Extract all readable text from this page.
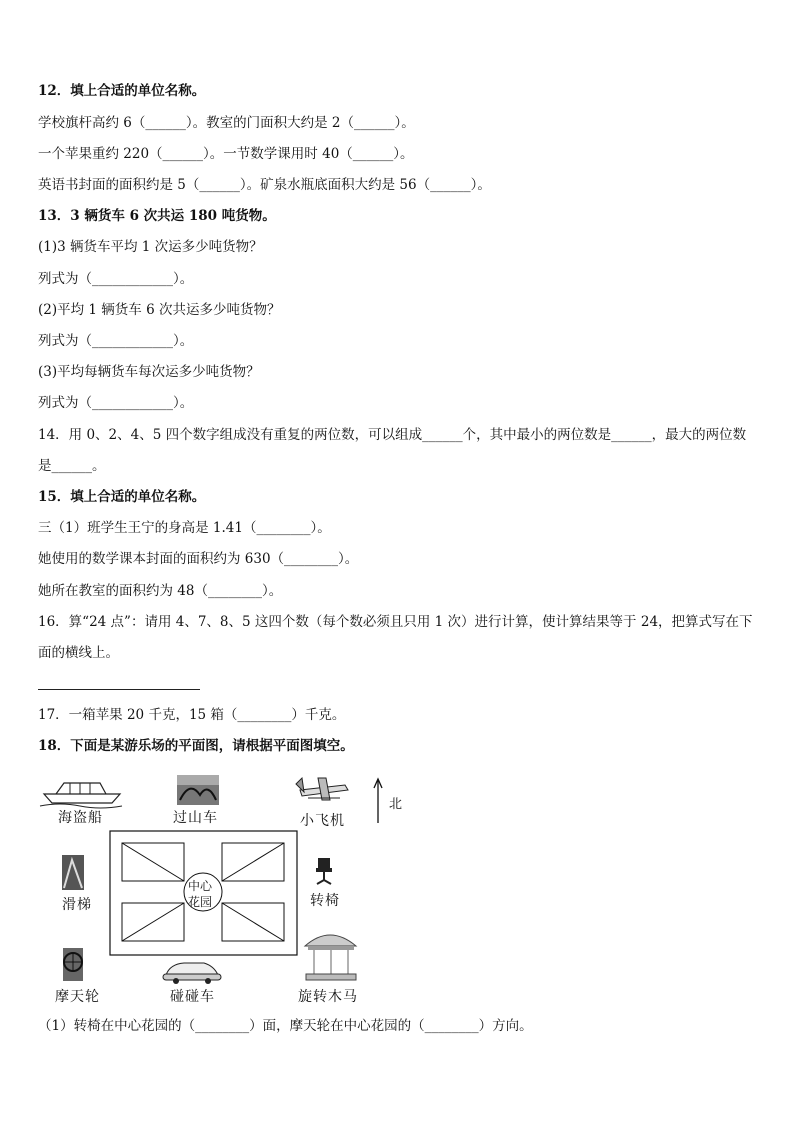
12．填上合适的单位名称。
学校旗杆高约 6（______）。教室的门面积大约是 2（______）。
一个苹果重约 220（______）。一节数学课用时 40（______）。
英语书封面的面积约是 5（______）。矿泉水瓶底面积大约是 56（______）。
13．3 辆货车 6 次共运 180 吨货物。
(1)3 辆货车平均 1 次运多少吨货物？
列式为（____________）。
(2)平均 1 辆货车 6 次共运多少吨货物？
列式为（____________）。
(3)平均每辆货车每次运多少吨货物？
列式为（____________）。
14．用 0、2、4、5 四个数字组成没有重复的两位数，可以组成______个，其中最小的两位数是______，最大的两位数
是______。
15．填上合适的单位名称。
三（1）班学生王宁的身高是 1.41（________）。
她使用的数学课本封面的面积约为 630（________）。
她所在教室的面积约为 48（________）。
16．算“24 点”：请用 4、7、8、5 这四个数（每个数必须且只用 1 次）进行计算，使计算结果等于 24，把算式写在下
面的横线上。
17．一箱苹果 20 千克，15 箱（________）千克。
18．下面是某游乐场的平面图，请根据平面图填空。
海盗船	过山车	小飞机
北
滑梯	转椅
中心
花园
摩天轮	碰碰车	旋转木马
（1）转椅在中心花园的（________）面，摩天轮在中心花园的（________）方向。
